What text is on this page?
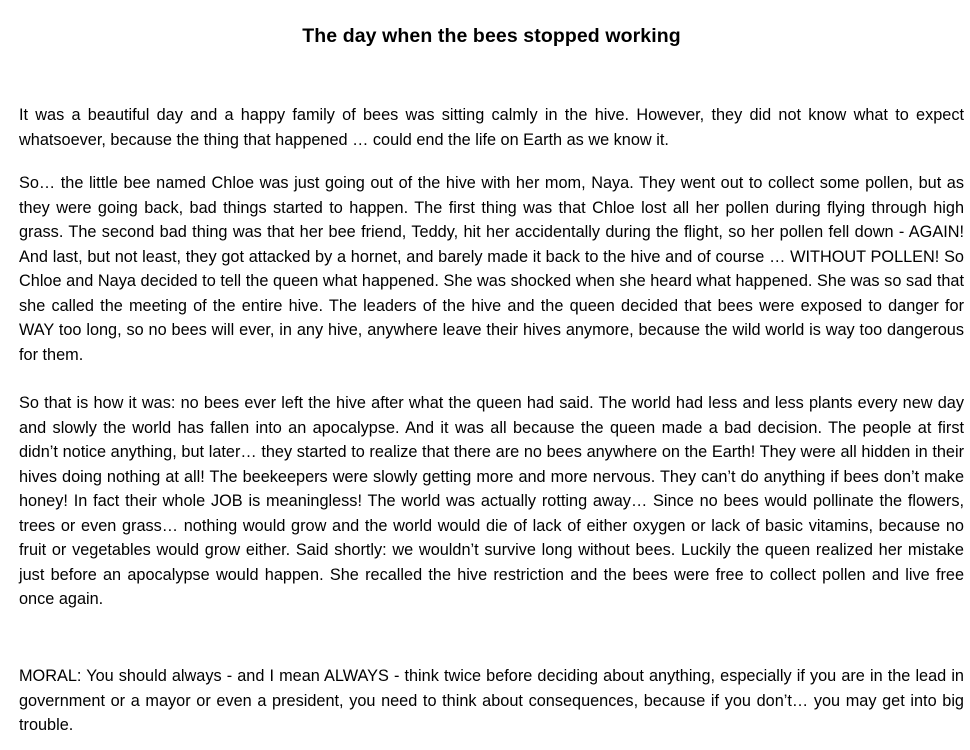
The day when the bees stopped working

It was a beautiful day and a happy family of bees was sitting calmly in the hive. However, they did not know what to expect whatsoever, because the thing that happened … could end the life on Earth as we know it.

So… the little bee named Chloe was just going out of the hive with her mom, Naya. They went out to collect some pollen, but as they were going back, bad things started to happen. The first thing was that Chloe lost all her pollen during flying through high grass. The second bad thing was that her bee friend, Teddy, hit her accidentally during the flight, so her pollen fell down - AGAIN! And last, but not least, they got attacked by a hornet, and barely made it back to the hive and of course … WITHOUT POLLEN! So Chloe and Naya decided to tell the queen what happened. She was shocked when she heard what happened. She was so sad that she called the meeting of the entire hive. The leaders of the hive and the queen decided that bees were exposed to danger for WAY too long, so no bees will ever, in any hive, anywhere leave their hives anymore, because the wild world is way too dangerous for them.

So that is how it was: no bees ever left the hive after what the queen had said. The world had less and less plants every new day and slowly the world has fallen into an apocalypse. And it was all because the queen made a bad decision. The people at first didn’t notice anything, but later… they started to realize that there are no bees anywhere on the Earth! They were all hidden in their hives doing nothing at all! The beekeepers were slowly getting more and more nervous. They can’t do anything if bees don’t make honey! In fact their whole JOB is meaningless! The world was actually rotting away… Since no bees would pollinate the flowers, trees or even grass… nothing would grow and the world would die of lack of either oxygen or lack of basic vitamins, because no fruit or vegetables would grow either. Said shortly: we wouldn’t survive long without bees. Luckily the queen realized her mistake just before an apocalypse would happen. She recalled the hive restriction and the bees were free to collect pollen and live free once again.

MORAL: You should always - and I mean ALWAYS - think twice before deciding about anything, especially if you are in the lead in government or a mayor or even a president, you need to think about consequences, because if you don’t… you may get into big trouble.
